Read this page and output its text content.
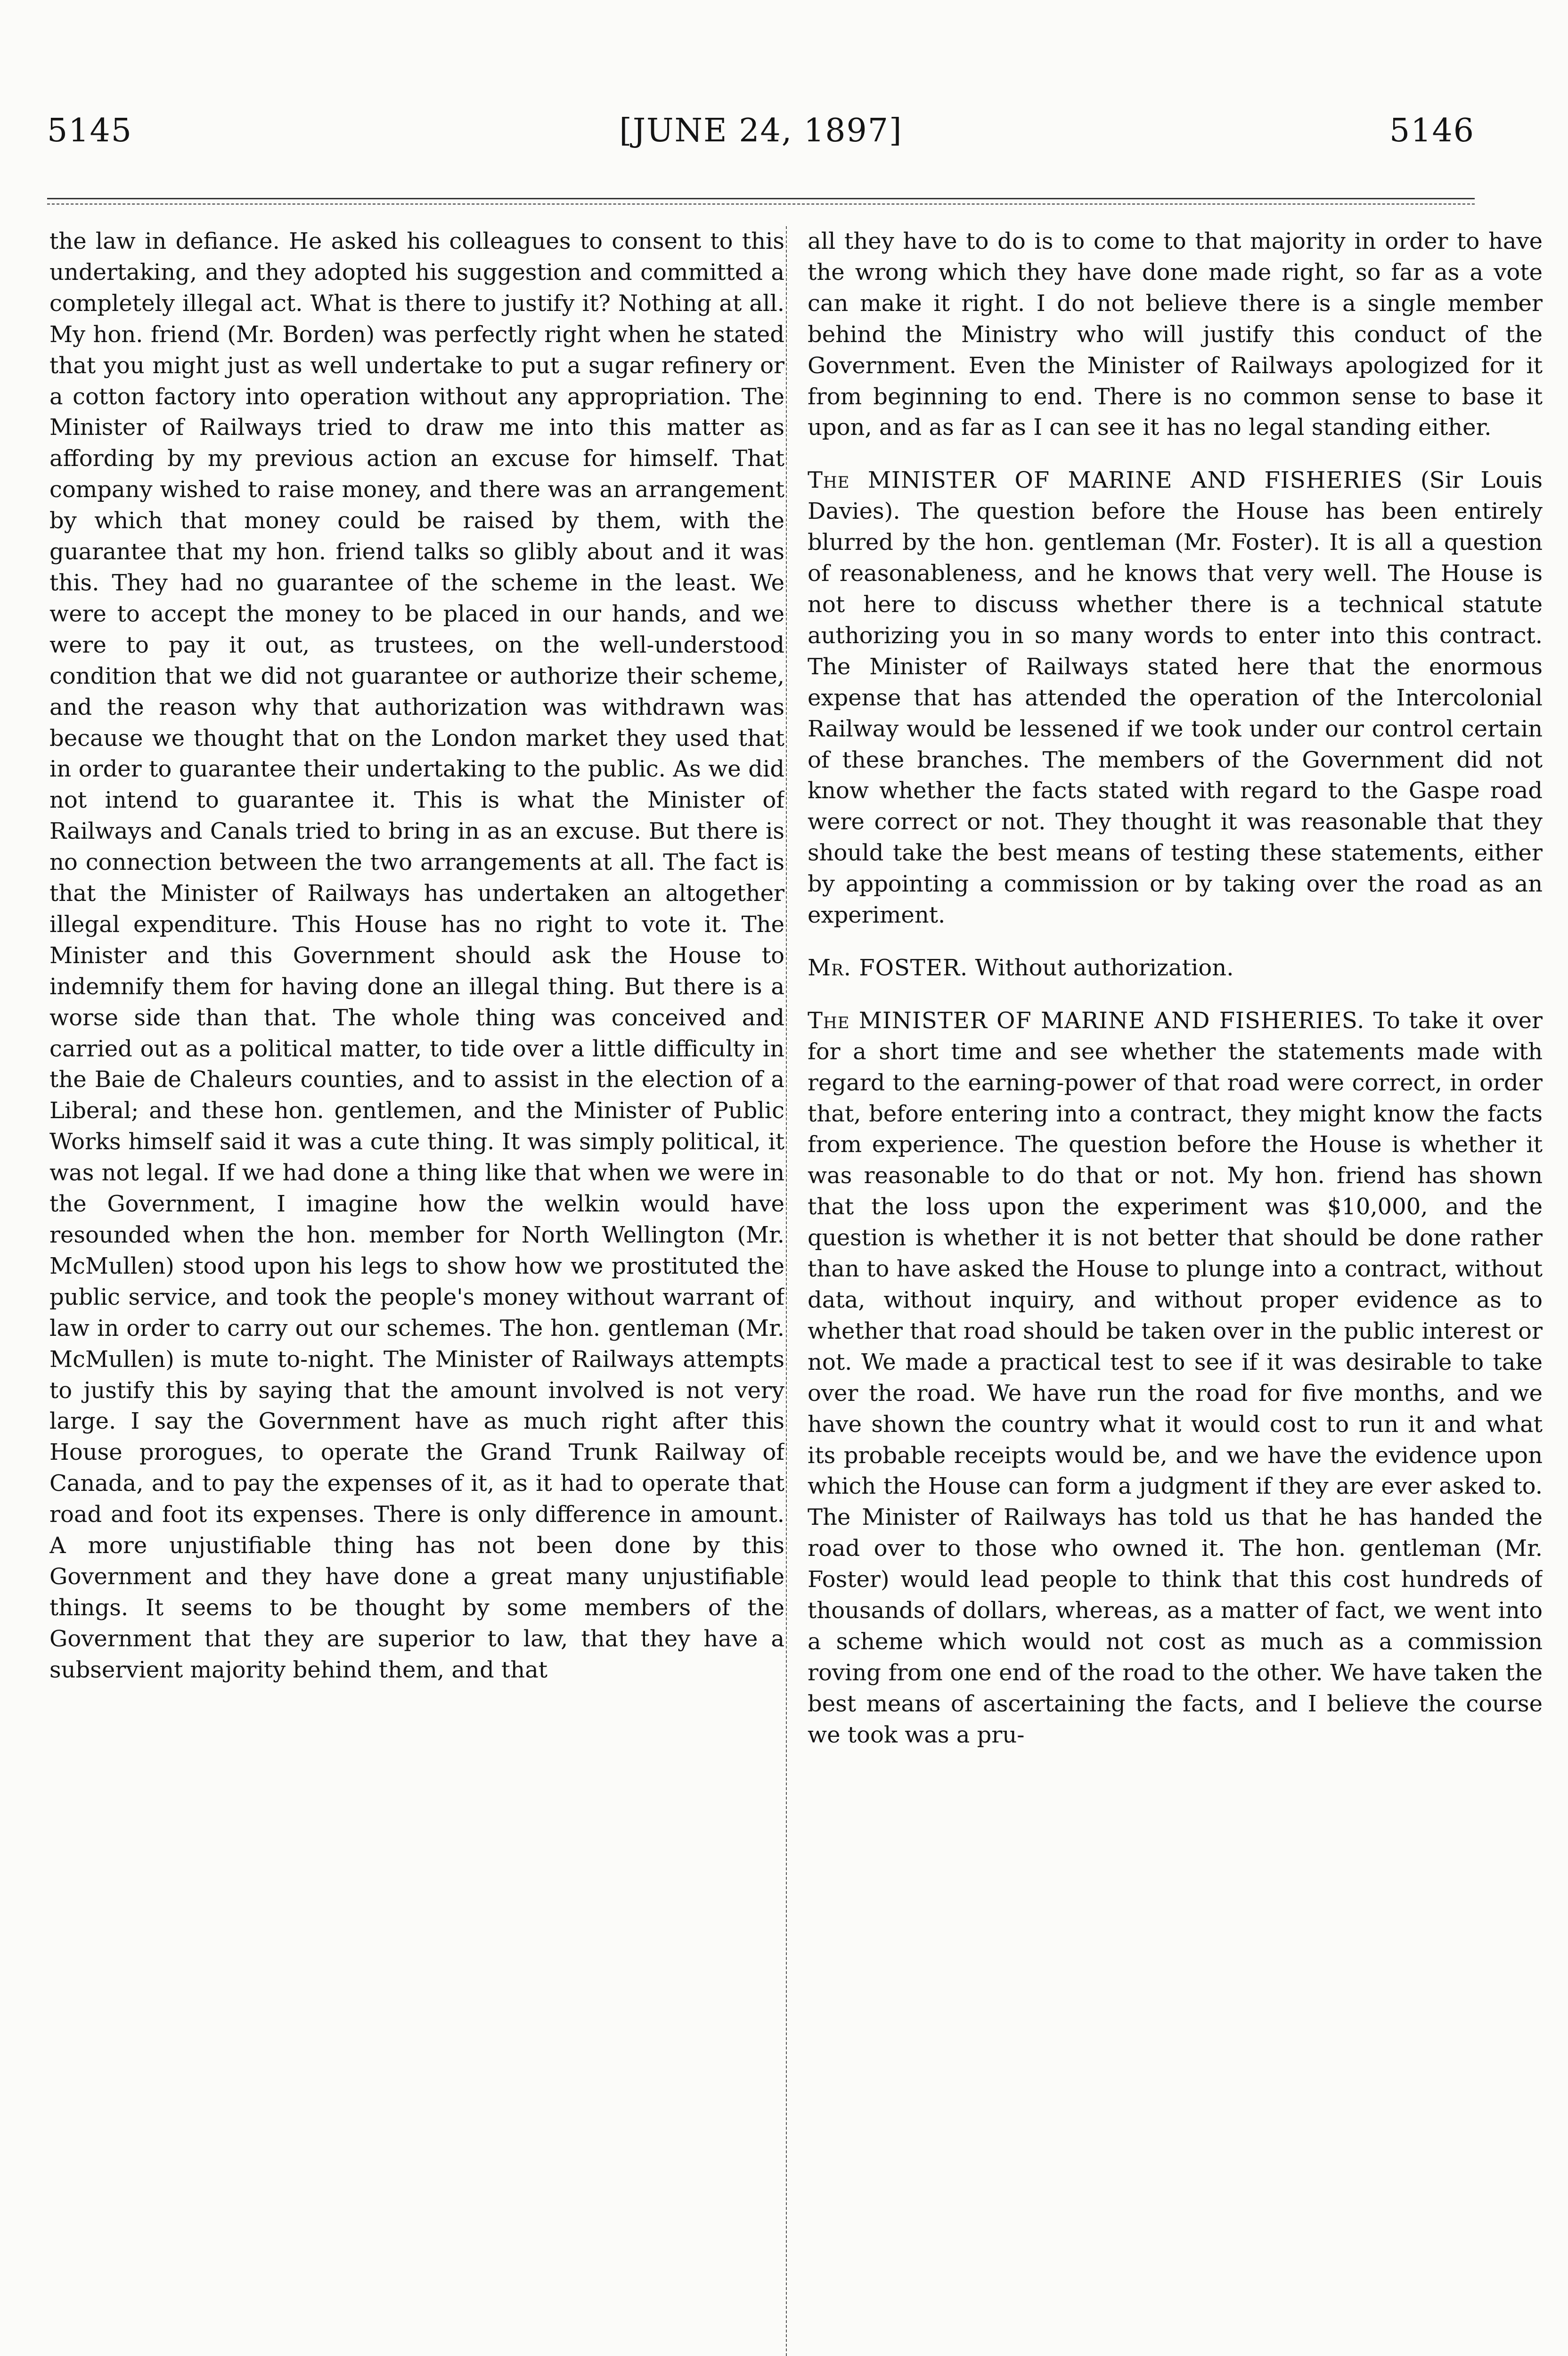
5145	[JUNE 24, 1897]	5146

the law in defiance. He asked his colleagues to consent to this undertaking, and they adopted his suggestion and committed a completely illegal act. What is there to justify it? Nothing at all. My hon. friend (Mr. Borden) was perfectly right when he stated that you might just as well undertake to put a sugar refinery or a cotton factory into operation without any appropriation. The Minister of Railways tried to draw me into this matter as affording by my previous action an excuse for himself. That company wished to raise money, and there was an arrangement by which that money could be raised by them, with the guarantee that my hon. friend talks so glibly about and it was this. They had no guarantee of the scheme in the least. We were to accept the money to be placed in our hands, and we were to pay it out, as trustees, on the well-understood condition that we did not guarantee or authorize their scheme, and the reason why that authorization was withdrawn was because we thought that on the London market they used that in order to guarantee their undertaking to the public. As we did not intend to guarantee it. This is what the Minister of Railways and Canals tried to bring in as an excuse. But there is no connection between the two arrangements at all. The fact is that the Minister of Railways has undertaken an altogether illegal expenditure. This House has no right to vote it. The Minister and this Government should ask the House to indemnify them for having done an illegal thing. But there is a worse side than that. The whole thing was conceived and carried out as a political matter, to tide over a little difficulty in the Baie de Chaleurs counties, and to assist in the election of a Liberal; and these hon. gentlemen, and the Minister of Public Works himself said it was a cute thing. It was simply political, it was not legal. If we had done a thing like that when we were in the Government, I imagine how the welkin would have resounded when the hon. member for North Wellington (Mr. McMullen) stood upon his legs to show how we prostituted the public service, and took the people's money without warrant of law in order to carry out our schemes. The hon. gentleman (Mr. McMullen) is mute to-night. The Minister of Railways attempts to justify this by saying that the amount involved is not very large. I say the Government have as much right after this House prorogues, to operate the Grand Trunk Railway of Canada, and to pay the expenses of it, as it had to operate that road and foot its expenses. There is only difference in amount. A more unjustifiable thing has not been done by this Government and they have done a great many unjustifiable things. It seems to be thought by some members of the Government that they are superior to law, that they have a subservient majority behind them, and that

all they have to do is to come to that majority in order to have the wrong which they have done made right, so far as a vote can make it right. I do not believe there is a single member behind the Ministry who will justify this conduct of the Government. Even the Minister of Railways apologized for it from beginning to end. There is no common sense to base it upon, and as far as I can see it has no legal standing either.

The MINISTER OF MARINE AND FISHERIES (Sir Louis Davies). The question before the House has been entirely blurred by the hon. gentleman (Mr. Foster). It is all a question of reasonableness, and he knows that very well. The House is not here to discuss whether there is a technical statute authorizing you in so many words to enter into this contract. The Minister of Railways stated here that the enormous expense that has attended the operation of the Intercolonial Railway would be lessened if we took under our control certain of these branches. The members of the Government did not know whether the facts stated with regard to the Gaspe road were correct or not. They thought it was reasonable that they should take the best means of testing these statements, either by appointing a commission or by taking over the road as an experiment.

Mr. FOSTER. Without authorization.

The MINISTER OF MARINE AND FISHERIES. To take it over for a short time and see whether the statements made with regard to the earning-power of that road were correct, in order that, before entering into a contract, they might know the facts from experience. The question before the House is whether it was reasonable to do that or not. My hon. friend has shown that the loss upon the experiment was $10,000, and the question is whether it is not better that should be done rather than to have asked the House to plunge into a contract, without data, without inquiry, and without proper evidence as to whether that road should be taken over in the public interest or not. We made a practical test to see if it was desirable to take over the road. We have run the road for five months, and we have shown the country what it would cost to run it and what its probable receipts would be, and we have the evidence upon which the House can form a judgment if they are ever asked to. The Minister of Railways has told us that he has handed the road over to those who owned it. The hon. gentleman (Mr. Foster) would lead people to think that this cost hundreds of thousands of dollars, whereas, as a matter of fact, we went into a scheme which would not cost as much as a commission roving from one end of the road to the other. We have taken the best means of ascertaining the facts, and I believe the course we took was a pru-
